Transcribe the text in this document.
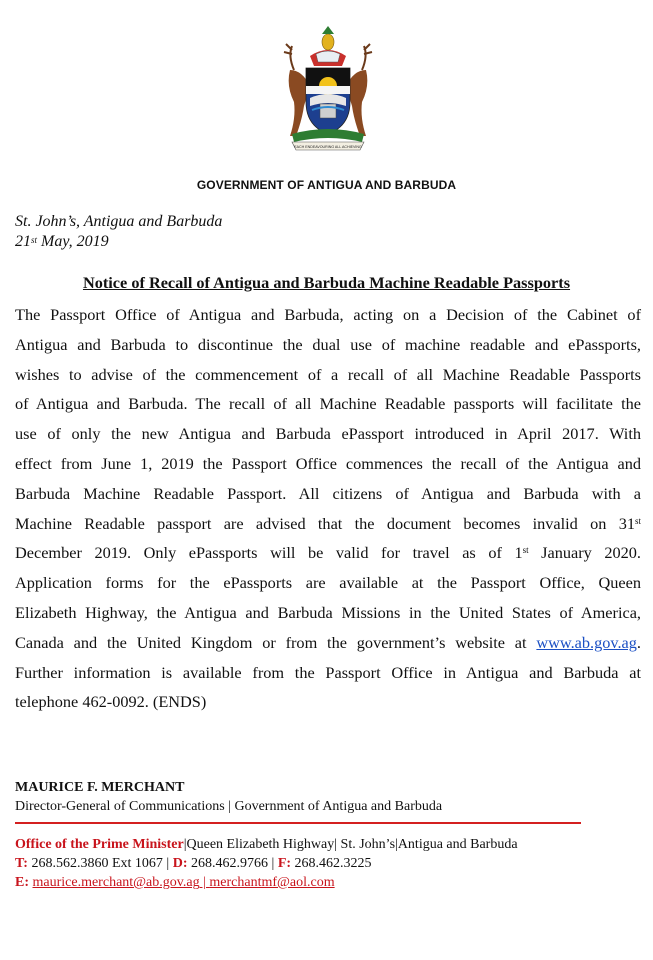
EACH ENDEAVOURING ALL ACHIEVING
GOVERNMENT OF ANTIGUA AND BARBUDA
St. John’s, Antigua and Barbuda
21st May, 2019
Notice of Recall of Antigua and Barbuda Machine Readable Passports
The Passport Office of Antigua and Barbuda, acting on a Decision of the Cabinet of
Antigua and Barbuda to discontinue the dual use of machine readable and ePassports,
wishes to advise of the commencement of a recall of all Machine Readable Passports
of Antigua and Barbuda. The recall of all Machine Readable passports will facilitate the
use of only the new Antigua and Barbuda ePassport introduced in April 2017. With
effect from June 1, 2019 the Passport Office commences the recall of the Antigua and
Barbuda Machine Readable Passport. All citizens of Antigua and Barbuda with a
Machine Readable passport are advised that the document becomes invalid on 31st
December 2019. Only ePassports will be valid for travel as of 1st January 2020.
Application forms for the ePassports are available at the Passport Office, Queen
Elizabeth Highway, the Antigua and Barbuda Missions in the United States of America,
Canada and the United Kingdom or from the government’s website at www.ab.gov.ag.
Further information is available from the Passport Office in Antigua and Barbuda at
telephone 462-0092. (ENDS)
MAURICE F. MERCHANT
Director-General of Communications | Government of Antigua and Barbuda
Office of the Prime Minister|Queen Elizabeth Highway| St. John’s|Antigua and Barbuda
T: 268.562.3860 Ext 1067 | D: 268.462.9766 | F: 268.462.3225
E: maurice.merchant@ab.gov.ag | merchantmf@aol.com
